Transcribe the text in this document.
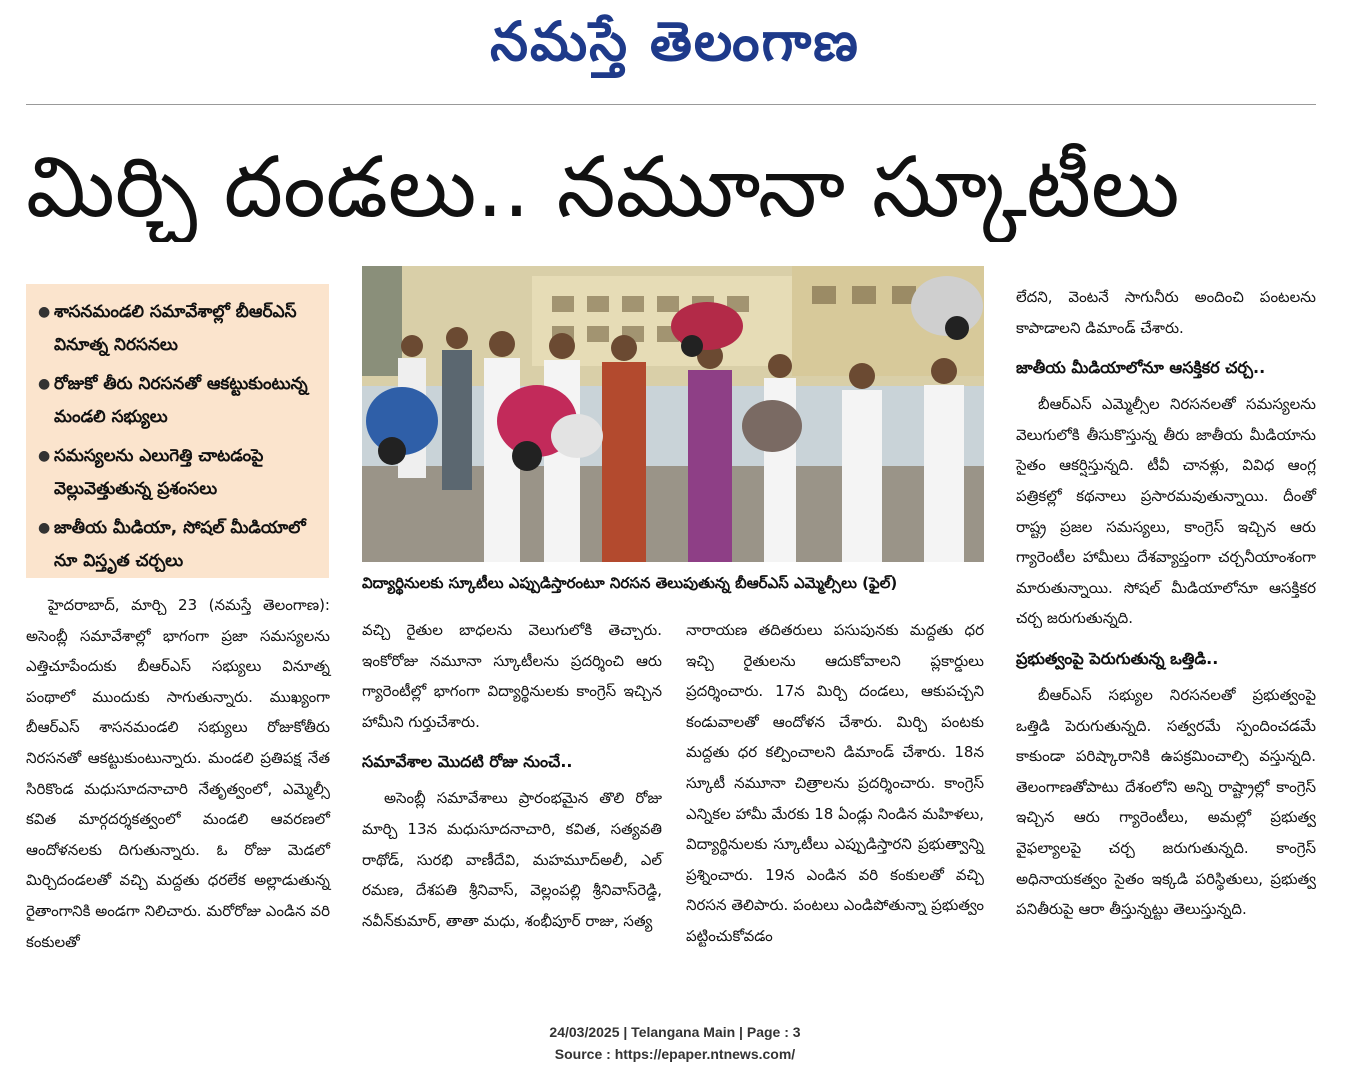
నమస్తే తెలంగాణ
మిర్చి దండలు.. నమూనా స్కూటీలు
● శాసనమండలి సమావేశాల్లో బీఆర్ఎస్ వినూత్న నిరసనలు
● రోజుకో తీరు నిరసనతో ఆకట్టుకుంటున్న మండలి సభ్యులు
● సమస్యలను ఎలుగెత్తి చాటడంపై వెల్లువెత్తుతున్న ప్రశంసలు
● జాతీయ మీడియా, సోషల్ మీడియాలో నూ విస్తృత చర్చలు
విద్యార్థినులకు స్కూటీలు ఎప్పుడిస్తారంటూ నిరసన తెలుపుతున్న బీఆర్ఎస్ ఎమ్మెల్సీలు (ఫైల్)

హైదరాబాద్, మార్చి 23 (నమస్తే తెలంగాణ): అసెంబ్లీ సమావేశాల్లో భాగంగా ప్రజా సమస్యలను ఎత్తిచూపేందుకు బీఆర్ఎస్ సభ్యులు వినూత్న పంథాలో ముందుకు సాగుతున్నారు. ముఖ్యంగా బీఆర్ఎస్ శాసనమండలి సభ్యులు రోజుకోతీరు నిరసనతో ఆకట్టుకుంటున్నారు. మండలి ప్రతిపక్ష నేత సిరికొండ మధుసూదనాచారి నేతృత్వంలో, ఎమ్మెల్సీ కవిత మార్గదర్శకత్వంలో మండలి ఆవరణలో ఆందోళనలకు దిగుతున్నారు. ఓ రోజు మెడలో మిర్చిదండలతో వచ్చి మద్దతు ధరలేక అల్లాడుతున్న రైతాంగానికి అండగా నిలిచారు. మరోరోజు ఎండిన వరి కంకులతో

వచ్చి రైతుల బాధలను వెలుగులోకి తెచ్చారు. ఇంకోరోజు నమూనా స్కూటీలను ప్రదర్శించి ఆరు గ్యారెంటీల్లో భాగంగా విద్యార్థినులకు కాంగ్రెస్ ఇచ్చిన హామీని గుర్తుచేశారు.

సమావేశాల మొదటి రోజు నుంచే..

అసెంబ్లీ సమావేశాలు ప్రారంభమైన తొలి రోజు మార్చి 13న మధుసూదనాచారి, కవిత, సత్యవతి రాథోడ్, సురభి వాణీదేవి, మహమూద్అలీ, ఎల్ రమణ, దేశపతి శ్రీనివాస్, వెల్లంపల్లి శ్రీనివాస్‌రెడ్డి, నవీన్‌కుమార్, తాతా మధు, శంభీపూర్ రాజు, సత్య

నారాయణ తదితరులు పసుపునకు మద్దతు ధర ఇచ్చి రైతులను ఆదుకోవాలని ప్లకార్డులు ప్రదర్శించారు. 17న మిర్చి దండలు, ఆకుపచ్చని కండువాలతో ఆందోళన చేశారు. మిర్చి పంటకు మద్దతు ధర కల్పించాలని డిమాండ్ చేశారు. 18న స్కూటీ నమూనా చిత్రాలను ప్రదర్శించారు. కాంగ్రెస్ ఎన్నికల హామీ మేరకు 18 ఏండ్లు నిండిన మహిళలు, విద్యార్థినులకు స్కూటీలు ఎప్పుడిస్తారని ప్రభుత్వాన్ని ప్రశ్నించారు. 19న ఎండిన వరి కంకులతో వచ్చి నిరసన తెలిపారు. పంటలు ఎండిపోతున్నా ప్రభుత్వం పట్టించుకోవడం

లేదని, వెంటనే సాగునీరు అందించి పంటలను కాపాడాలని డిమాండ్ చేశారు.

జాతీయ మీడియాలోనూ ఆసక్తికర చర్చ..

బీఆర్ఎస్ ఎమ్మెల్సీల నిరసనలతో సమస్యలను వెలుగులోకి తీసుకొస్తున్న తీరు జాతీయ మీడియాను సైతం ఆకర్షిస్తున్నది. టీవీ చానళ్లు, వివిధ ఆంగ్ల పత్రికల్లో కథనాలు ప్రసారమవుతున్నాయి. దీంతో రాష్ట్ర ప్రజల సమస్యలు, కాంగ్రెస్ ఇచ్చిన ఆరు గ్యారెంటీల హామీలు దేశవ్యాప్తంగా చర్చనీయాంశంగా మారుతున్నాయి. సోషల్ మీడియాలోనూ ఆసక్తికర చర్చ జరుగుతున్నది.

ప్రభుత్వంపై పెరుగుతున్న ఒత్తిడి..

బీఆర్ఎస్ సభ్యుల నిరసనలతో ప్రభుత్వంపై ఒత్తిడి పెరుగుతున్నది. సత్వరమే స్పందించడమే కాకుండా పరిష్కారానికి ఉపక్రమించాల్సి వస్తున్నది. తెలంగాణతోపాటు దేశంలోని అన్ని రాష్ట్రాల్లో కాంగ్రెస్ ఇచ్చిన ఆరు గ్యారెంటీలు, అమల్లో ప్రభుత్వ వైఫల్యాలపై చర్చ జరుగుతున్నది. కాంగ్రెస్ అధినాయకత్వం సైతం ఇక్కడి పరిస్థితులు, ప్రభుత్వ పనితీరుపై ఆరా తీస్తున్నట్టు తెలుస్తున్నది.

24/03/2025 | Telangana Main | Page : 3
Source : https://epaper.ntnews.com/
